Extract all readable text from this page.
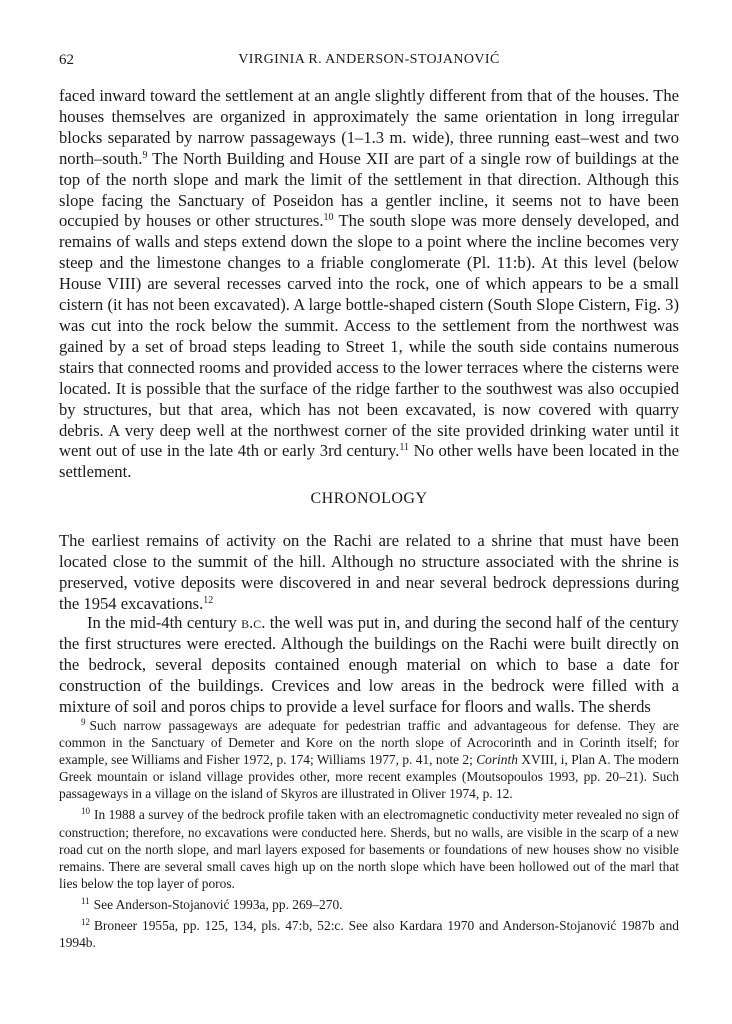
62	VIRGINIA R. ANDERSON-STOJANOVIĆ

faced inward toward the settlement at an angle slightly different from that of the houses. The houses themselves are organized in approximately the same orientation in long irregular blocks separated by narrow passageways (1–1.3 m. wide), three running east–west and two north–south.$^9$ The North Building and House XII are part of a single row of buildings at the top of the north slope and mark the limit of the settlement in that direction. Although this slope facing the Sanctuary of Poseidon has a gentler incline, it seems not to have been occupied by houses or other structures.$^{10}$ The south slope was more densely developed, and remains of walls and steps extend down the slope to a point where the incline becomes very steep and the limestone changes to a friable conglomerate (Pl. 11:b). At this level (below House VIII) are several recesses carved into the rock, one of which appears to be a small cistern (it has not been excavated). A large bottle-shaped cistern (South Slope Cistern, Fig. 3) was cut into the rock below the summit. Access to the settlement from the northwest was gained by a set of broad steps leading to Street 1, while the south side contains numerous stairs that connected rooms and provided access to the lower terraces where the cisterns were located. It is possible that the surface of the ridge farther to the southwest was also occupied by structures, but that area, which has not been excavated, is now covered with quarry debris. A very deep well at the northwest corner of the site provided drinking water until it went out of use in the late 4th or early 3rd century.$^{11}$ No other wells have been located in the settlement.

CHRONOLOGY

The earliest remains of activity on the Rachi are related to a shrine that must have been located close to the summit of the hill. Although no structure associated with the shrine is preserved, votive deposits were discovered in and near several bedrock depressions during the 1954 excavations.$^{12}$

In the mid-4th century b.c. the well was put in, and during the second half of the century the first structures were erected. Although the buildings on the Rachi were built directly on the bedrock, several deposits contained enough material on which to base a date for construction of the buildings. Crevices and low areas in the bedrock were filled with a mixture of soil and poros chips to provide a level surface for floors and walls. The sherds

$^9$ Such narrow passageways are adequate for pedestrian traffic and advantageous for defense. They are common in the Sanctuary of Demeter and Kore on the north slope of Acrocorinth and in Corinth itself; for example, see Williams and Fisher 1972, p. 174; Williams 1977, p. 41, note 2; Corinth XVIII, i, Plan A. The modern Greek mountain or island village provides other, more recent examples (Moutsopoulos 1993, pp. 20–21). Such passageways in a village on the island of Skyros are illustrated in Oliver 1974, p. 12.

$^{10}$ In 1988 a survey of the bedrock profile taken with an electromagnetic conductivity meter revealed no sign of construction; therefore, no excavations were conducted here. Sherds, but no walls, are visible in the scarp of a new road cut on the north slope, and marl layers exposed for basements or foundations of new houses show no visible remains. There are several small caves high up on the north slope which have been hollowed out of the marl that lies below the top layer of poros.

$^{11}$ See Anderson-Stojanović 1993a, pp. 269–270.

$^{12}$ Broneer 1955a, pp. 125, 134, pls. 47:b, 52:c. See also Kardara 1970 and Anderson-Stojanović 1987b and 1994b.
